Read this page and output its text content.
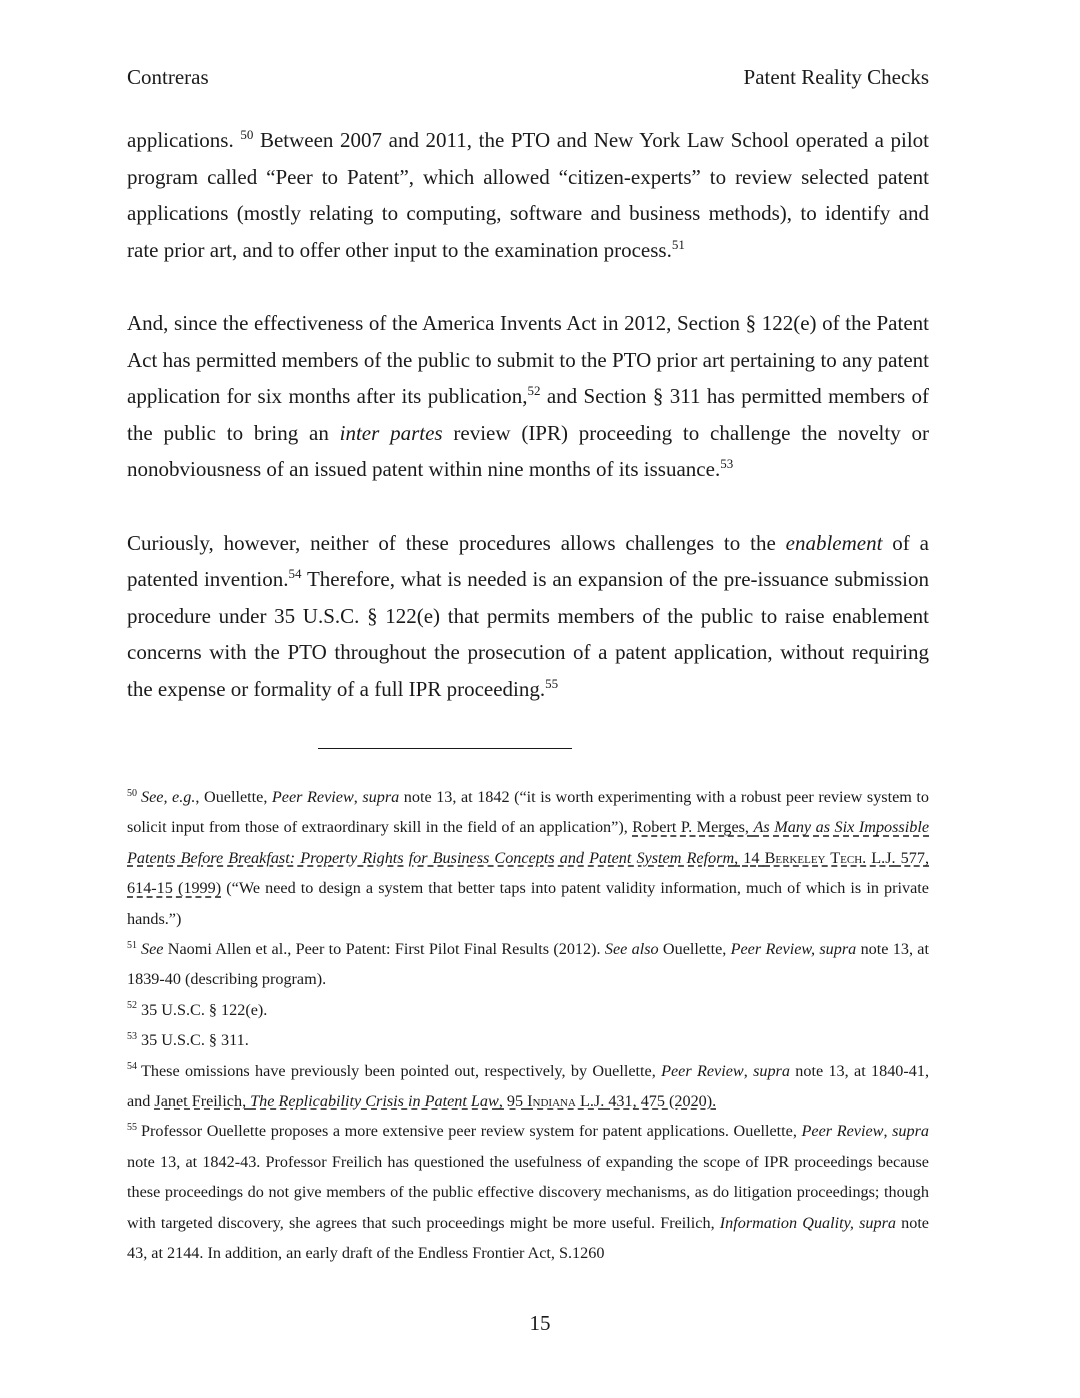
Contreras	Patent Reality Checks

applications. $^{50}$ Between 2007 and 2011, the PTO and New York Law School operated a pilot program called “Peer to Patent”, which allowed “citizen-experts” to review selected patent applications (mostly relating to computing, software and business methods), to identify and rate prior art, and to offer other input to the examination process.$^{51}$

And, since the effectiveness of the America Invents Act in 2012, Section § 122(e) of the Patent Act has permitted members of the public to submit to the PTO prior art pertaining to any patent application for six months after its publication,$^{52}$ and Section § 311 has permitted members of the public to bring an inter partes review (IPR) proceeding to challenge the novelty or nonobviousness of an issued patent within nine months of its issuance.$^{53}$

Curiously, however, neither of these procedures allows challenges to the enablement of a patented invention.$^{54}$ Therefore, what is needed is an expansion of the pre-issuance submission procedure under 35 U.S.C. § 122(e) that permits members of the public to raise enablement concerns with the PTO throughout the prosecution of a patent application, without requiring the expense or formality of a full IPR proceeding.$^{55}$

$^{50}$ See, e.g., Ouellette, Peer Review, supra note 13, at 1842 (“it is worth experimenting with a robust peer review system to solicit input from those of extraordinary skill in the field of an application”), Robert P. Merges, As Many as Six Impossible Patents Before Breakfast: Property Rights for Business Concepts and Patent System Reform, 14 Berkeley Tech. L.J. 577, 614-15 (1999) (“We need to design a system that better taps into patent validity information, much of which is in private hands.”)

$^{51}$ See Naomi Allen et al., Peer to Patent: First Pilot Final Results (2012). See also Ouellette, Peer Review, supra note 13, at 1839-40 (describing program).

$^{52}$ 35 U.S.C. § 122(e).

$^{53}$ 35 U.S.C. § 311.

$^{54}$ These omissions have previously been pointed out, respectively, by Ouellette, Peer Review, supra note 13, at 1840-41, and Janet Freilich, The Replicability Crisis in Patent Law, 95 Indiana L.J. 431, 475 (2020).

$^{55}$ Professor Ouellette proposes a more extensive peer review system for patent applications. Ouellette, Peer Review, supra note 13, at 1842-43. Professor Freilich has questioned the usefulness of expanding the scope of IPR proceedings because these proceedings do not give members of the public effective discovery mechanisms, as do litigation proceedings; though with targeted discovery, she agrees that such proceedings might be more useful. Freilich, Information Quality, supra note 43, at 2144. In addition, an early draft of the Endless Frontier Act, S.1260

15
